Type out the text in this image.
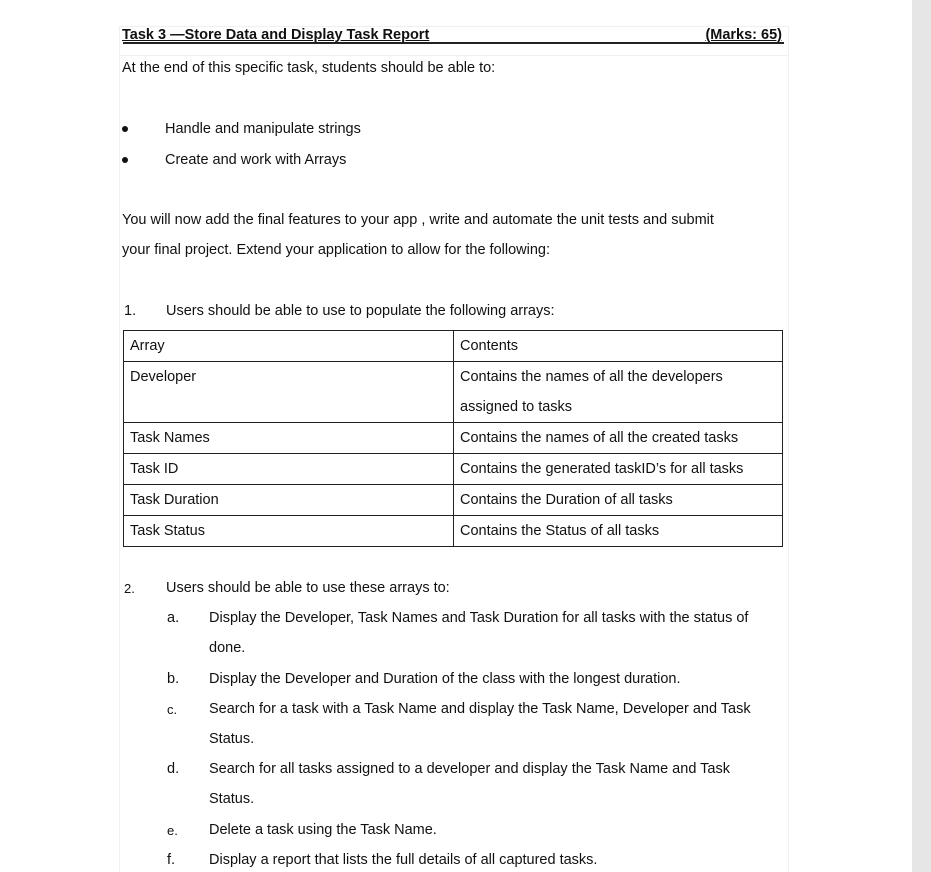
Task 3 —Store Data and Display Task Report	(Marks: 65)
At the end of this specific task, students should be able to:
Handle and manipulate strings
Create and work with Arrays
You will now add the final features to your app , write and automate the unit tests and submit
your final project. Extend your application to allow for the following:
1. Users should be able to use to populate the following arrays:
Array	Contents
Developer	Contains the names of all the developers
assigned to tasks

Task Names	Contains the names of all the created tasks
Task ID	Contains the generated taskID’s for all tasks
Task Duration	Contains the Duration of all tasks
Task Status	Contains the Status of all tasks
2. Users should be able to use these arrays to:
a. Display the Developer, Task Names and Task Duration for all tasks with the status of
done.
b. Display the Developer and Duration of the class with the longest duration.
c. Search for a task with a Task Name and display the Task Name, Developer and Task
Status.
d. Search for all tasks assigned to a developer and display the Task Name and Task
Status.
e. Delete a task using the Task Name.
f. Display a report that lists the full details of all captured tasks.
